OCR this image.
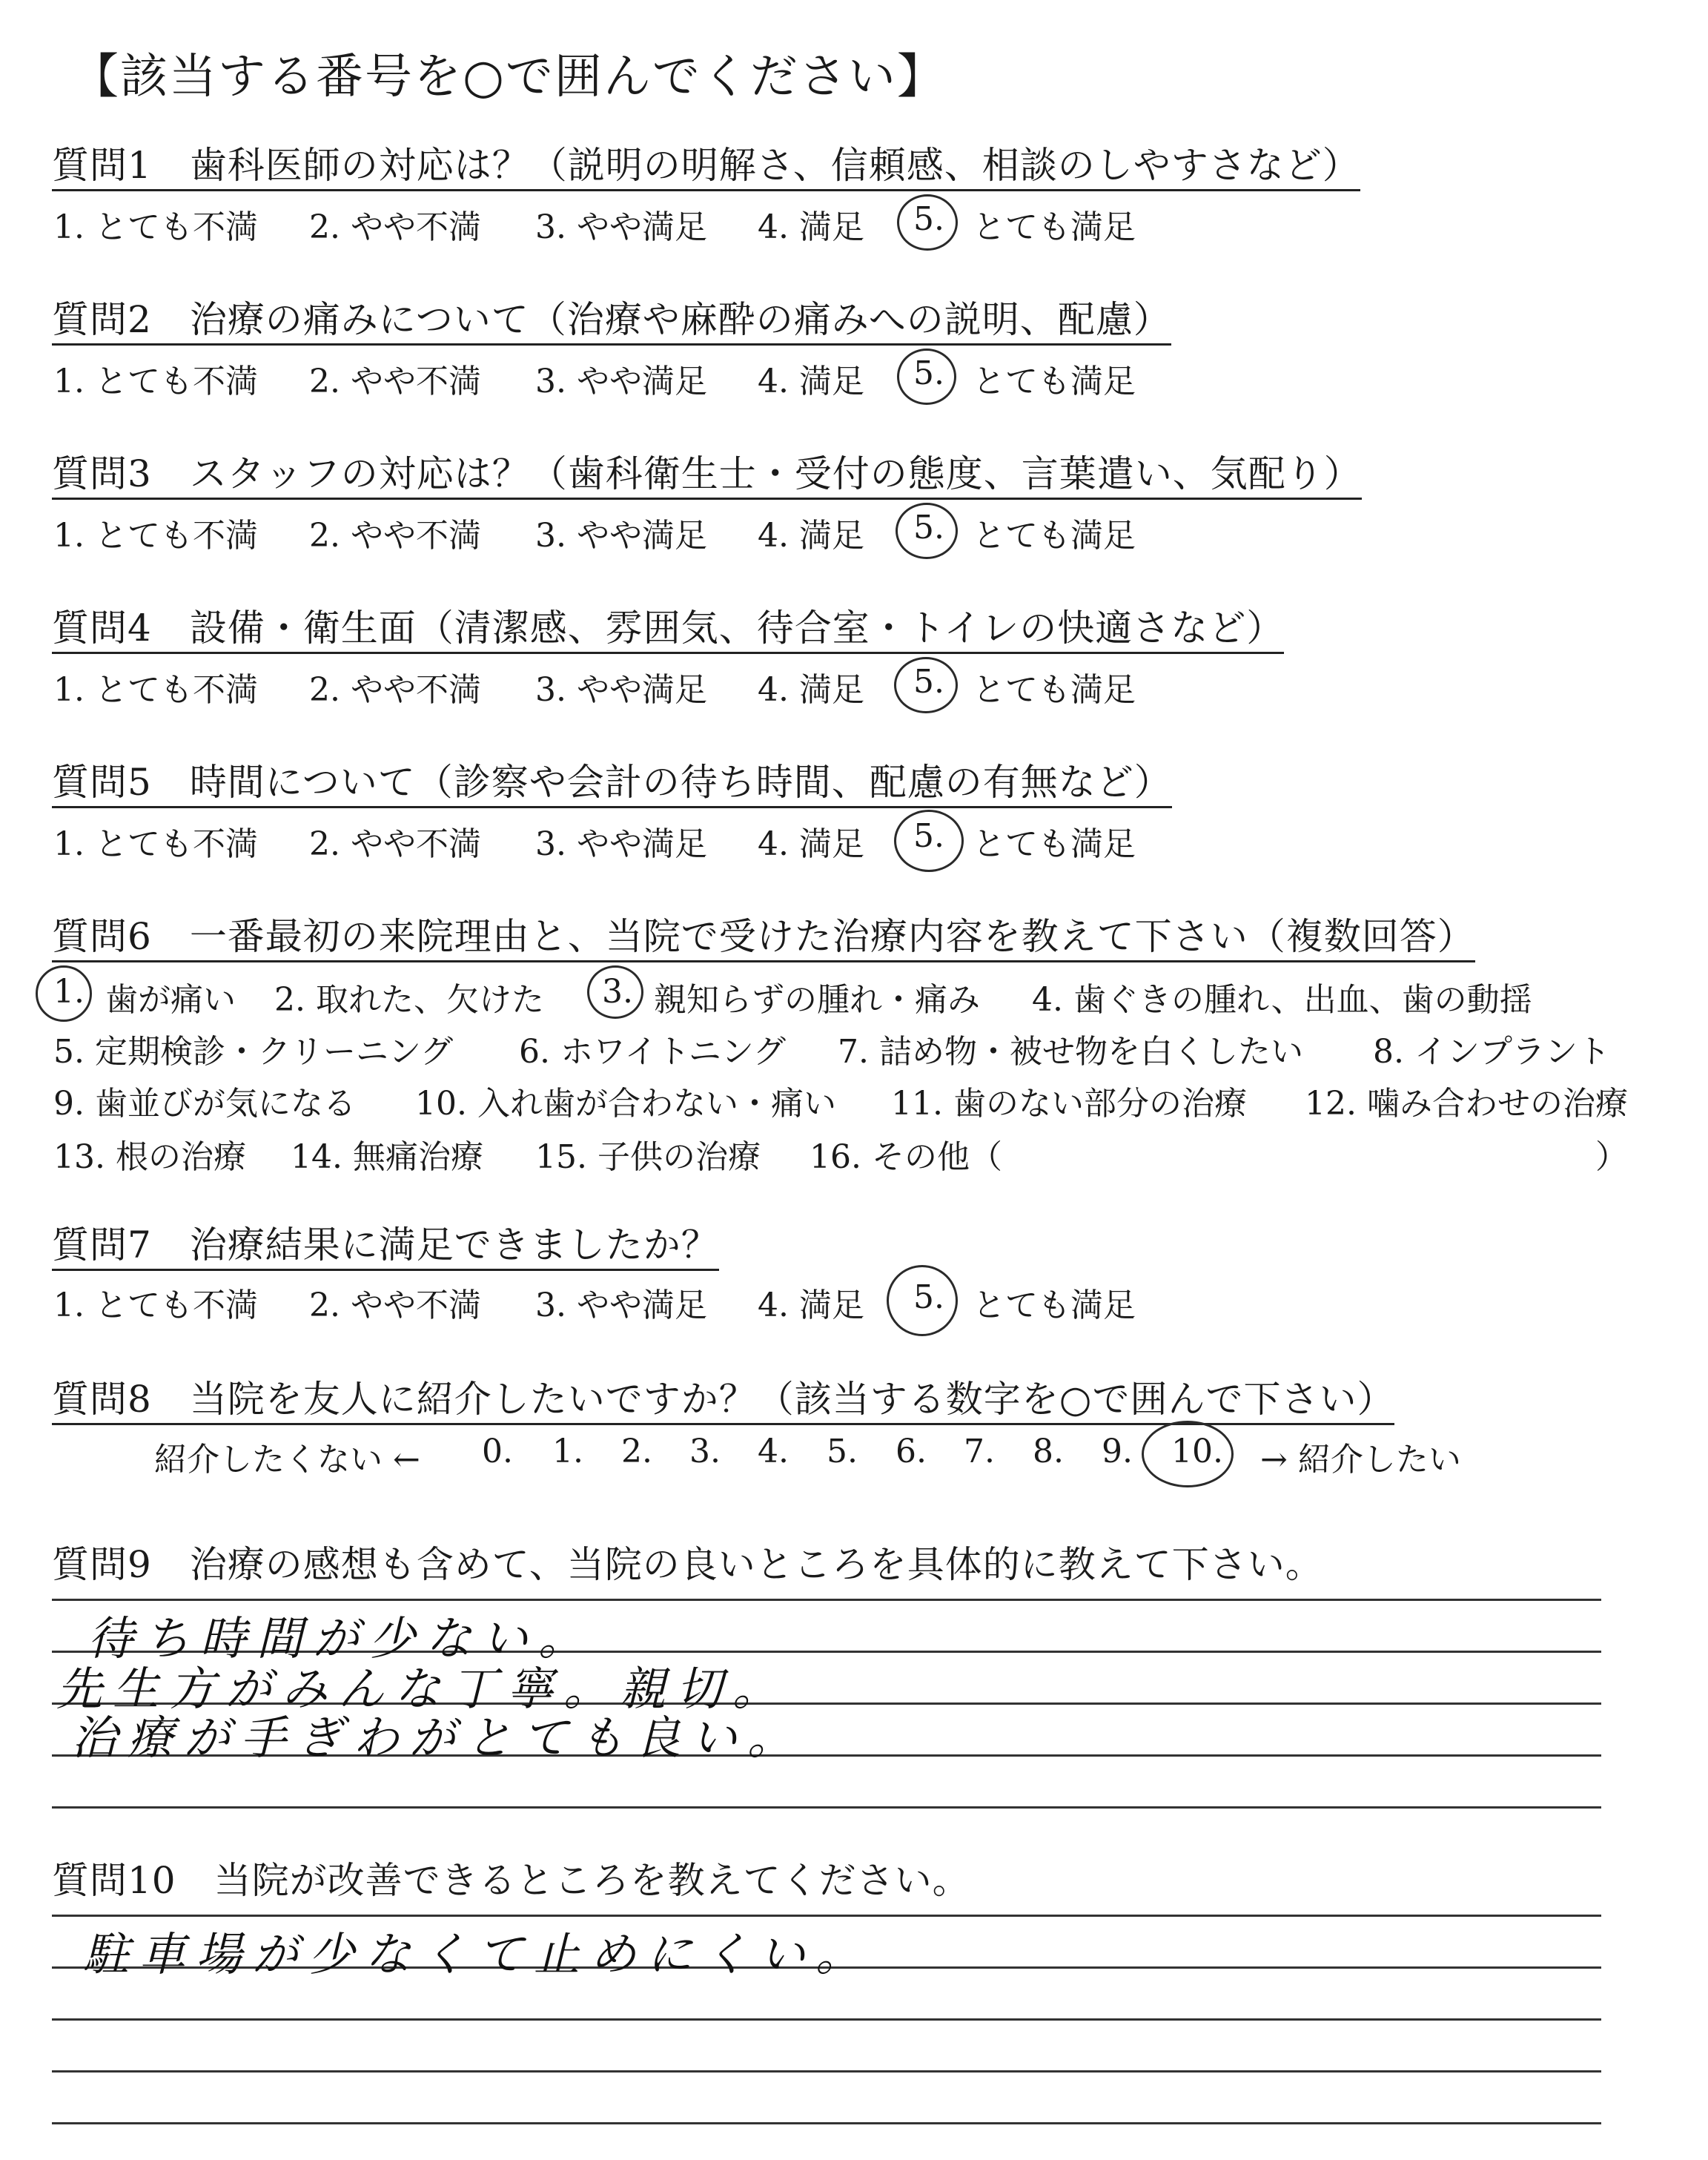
【該当する番号を○で囲んでください】
質問1　 歯科医師の対応は？（説明の明解さ、信頼感、相談のしやすさなど）
1. とても不満 2. やや不満 3. やや満足 4. 満足 5. とても満足
質問2　 治療の痛みについて（治療や麻酔の痛みへの説明、配慮）
1. とても不満 2. やや不満 3. やや満足 4. 満足 5. とても満足
質問3　 スタッフの対応は？（歯科衛生士・受付の態度、言葉遣い、気配り）
1. とても不満 2. やや不満 3. やや満足 4. 満足 5. とても満足
質問4　 設備・衛生面（清潔感、雰囲気、待合室・トイレの快適さなど）
1. とても不満 2. やや不満 3. やや満足 4. 満足 5. とても満足
質問5　 時間について（診察や会計の待ち時間、配慮の有無など）
1. とても不満 2. やや不満 3. やや満足 4. 満足 5. とても満足
質問6　 一番最初の来院理由と、当院で受けた治療内容を教えて下さい（複数回答）
1. 歯が痛い 2. 取れた、欠けた 3. 親知らずの腫れ・痛み 4. 歯ぐきの腫れ、出血、歯の動揺
5. 定期検診・クリーニング 6. ホワイトニング 7. 詰め物・被せ物を白くしたい 8. インプラント
9. 歯並びが気になる 10. 入れ歯が合わない・痛い 11. 歯のない部分の治療 12. 噛み合わせの治療
13. 根の治療 14. 無痛治療 15. 子供の治療 16. その他（	）
質問7　 治療結果に満足できましたか？
1. とても不満 2. やや不満 3. やや満足 4. 満足 5. とても満足
質問8　 当院を友人に紹介したいですか？（該当する数字を○で囲んで下さい）
紹介したくない ← 0. 1. 2. 3. 4. 5. 6. 7. 8. 9. 10. → 紹介したい
質問9　 治療の感想も含めて、当院の良いところを具体的に教えて下さい。
待ち時間が少ない。
先生方がみんな丁寧。親切。
治療が手ぎわがとても良い。
質問10　 当院が改善できるところを教えてください。
駐車場が少なくて止めにくい。
